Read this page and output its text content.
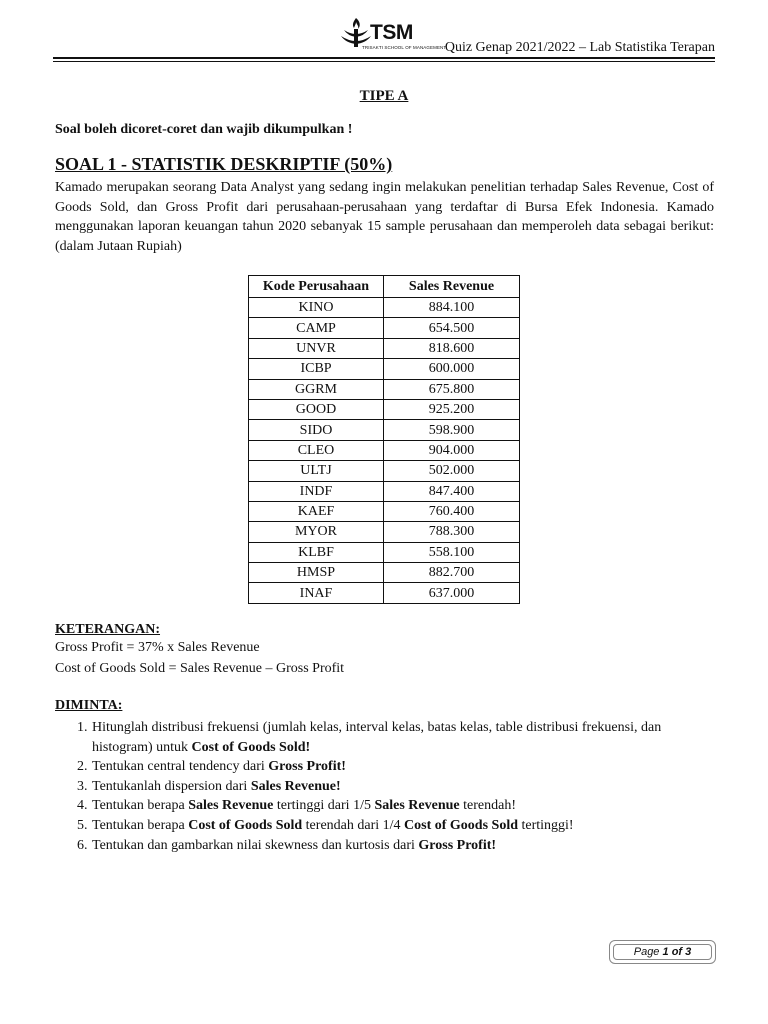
TSM
TRISAKTI SCHOOL OF MANAGEMENT
Quiz Genap 2021/2022 – Lab Statistika Terapan
TIPE A
Soal boleh dicoret-coret dan wajib dikumpulkan !
SOAL 1 - STATISTIK DESKRIPTIF (50%)
Kamado merupakan seorang Data Analyst yang sedang ingin melakukan penelitian terhadap Sales Revenue, Cost of Goods Sold, dan Gross Profit dari perusahaan-perusahaan yang terdaftar di Bursa Efek Indonesia. Kamado menggunakan laporan keuangan tahun 2020 sebanyak 15 sample perusahaan dan memperoleh data sebagai berikut: (dalam Jutaan Rupiah)
Kode Perusahaan	Sales Revenue
KINO	884.100
CAMP	654.500
UNVR	818.600
ICBP	600.000
GGRM	675.800
GOOD	925.200
SIDO	598.900
CLEO	904.000
ULTJ	502.000
INDF	847.400
KAEF	760.400
MYOR	788.300
KLBF	558.100
HMSP	882.700
INAF	637.000
KETERANGAN:
Gross Profit = 37% x Sales Revenue
Cost of Goods Sold = Sales Revenue – Gross Profit
DIMINTA:
1. Hitunglah distribusi frekuensi (jumlah kelas, interval kelas, batas kelas, table distribusi frekuensi, dan histogram) untuk Cost of Goods Sold!
2. Tentukan central tendency dari Gross Profit!
3. Tentukanlah dispersion dari Sales Revenue!
4. Tentukan berapa Sales Revenue tertinggi dari 1/5 Sales Revenue terendah!
5. Tentukan berapa Cost of Goods Sold terendah dari 1/4 Cost of Goods Sold tertinggi!
6. Tentukan dan gambarkan nilai skewness dan kurtosis dari Gross Profit!
Page 1 of 3
